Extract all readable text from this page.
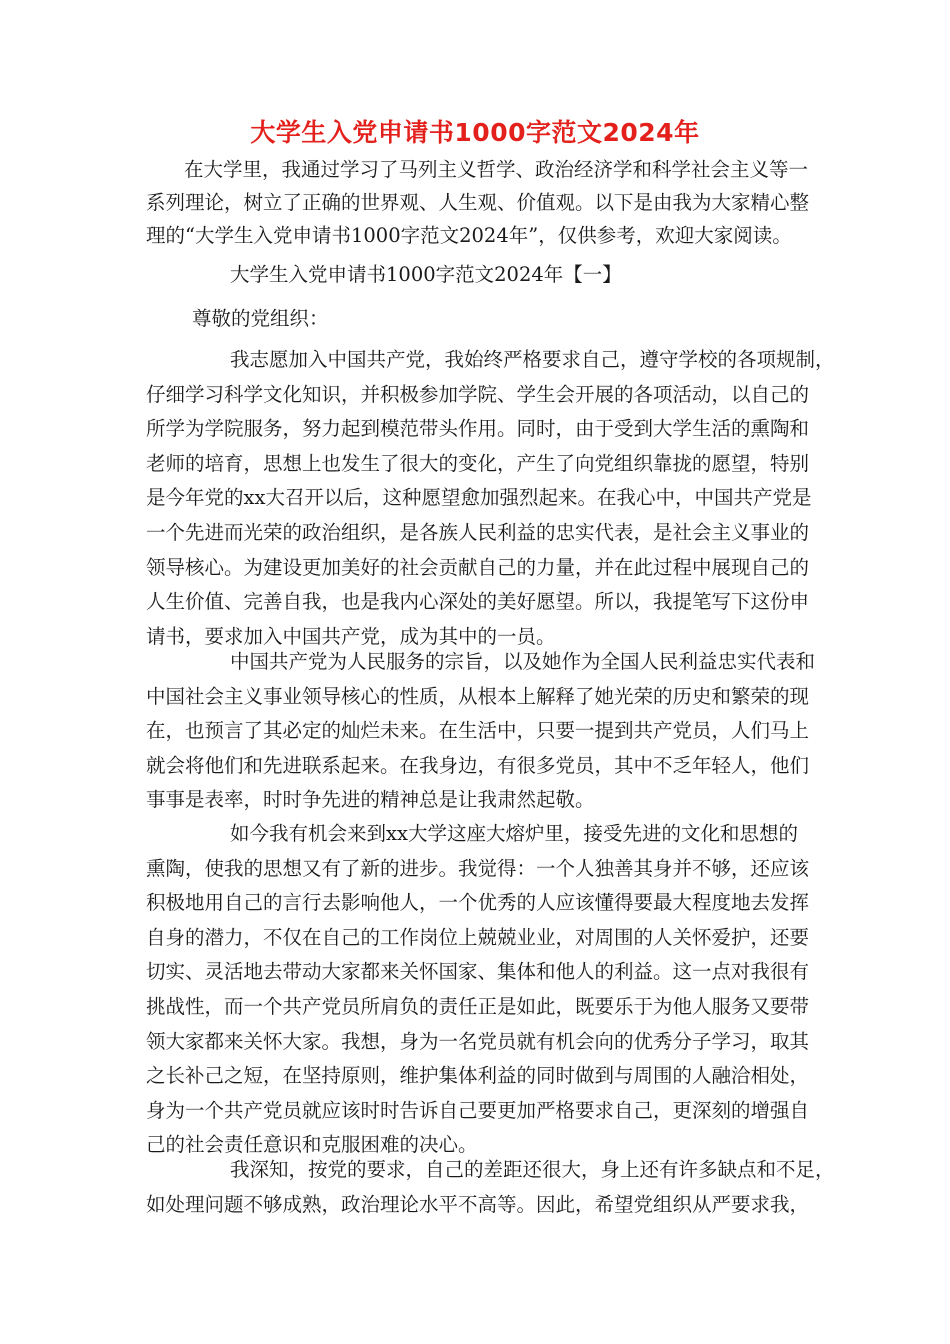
大学生入党申请书1000字范文2024年

在大学里，我通过学习了马列主义哲学、政治经济学和科学社会主义等一
系列理论，树立了正确的世界观、人生观、价值观。以下是由我为大家精心整
理的“大学生入党申请书1000字范文2024年”，仅供参考，欢迎大家阅读。

大学生入党申请书1000字范文2024年【一】

尊敬的党组织：

我志愿加入中国共产党，我始终严格要求自己，遵守学校的各项规制，
仔细学习科学文化知识，并积极参加学院、学生会开展的各项活动，以自己的
所学为学院服务，努力起到模范带头作用。同时，由于受到大学生活的熏陶和
老师的培育，思想上也发生了很大的变化，产生了向党组织靠拢的愿望，特别
是今年党的xx大召开以后，这种愿望愈加强烈起来。在我心中，中国共产党是
一个先进而光荣的政治组织，是各族人民利益的忠实代表，是社会主义事业的
领导核心。为建设更加美好的社会贡献自己的力量，并在此过程中展现自己的
人生价值、完善自我，也是我内心深处的美好愿望。所以，我提笔写下这份申
请书，要求加入中国共产党，成为其中的一员。

中国共产党为人民服务的宗旨，以及她作为全国人民利益忠实代表和
中国社会主义事业领导核心的性质，从根本上解释了她光荣的历史和繁荣的现
在，也预言了其必定的灿烂未来。在生活中，只要一提到共产党员，人们马上
就会将他们和先进联系起来。在我身边，有很多党员，其中不乏年轻人，他们
事事是表率，时时争先进的精神总是让我肃然起敬。

如今我有机会来到xx大学这座大熔炉里，接受先进的文化和思想的
熏陶，使我的思想又有了新的进步。我觉得：一个人独善其身并不够，还应该
积极地用自己的言行去影响他人，一个优秀的人应该懂得要最大程度地去发挥
自身的潜力，不仅在自己的工作岗位上兢兢业业，对周围的人关怀爱护，还要
切实、灵活地去带动大家都来关怀国家、集体和他人的利益。这一点对我很有
挑战性，而一个共产党员所肩负的责任正是如此，既要乐于为他人服务又要带
领大家都来关怀大家。我想，身为一名党员就有机会向的优秀分子学习，取其
之长补己之短，在坚持原则，维护集体利益的同时做到与周围的人融洽相处，
身为一个共产党员就应该时时告诉自己要更加严格要求自己，更深刻的增强自
己的社会责任意识和克服困难的决心。

我深知，按党的要求，自己的差距还很大，身上还有许多缺点和不足，
如处理问题不够成熟，政治理论水平不高等。因此，希望党组织从严要求我，
